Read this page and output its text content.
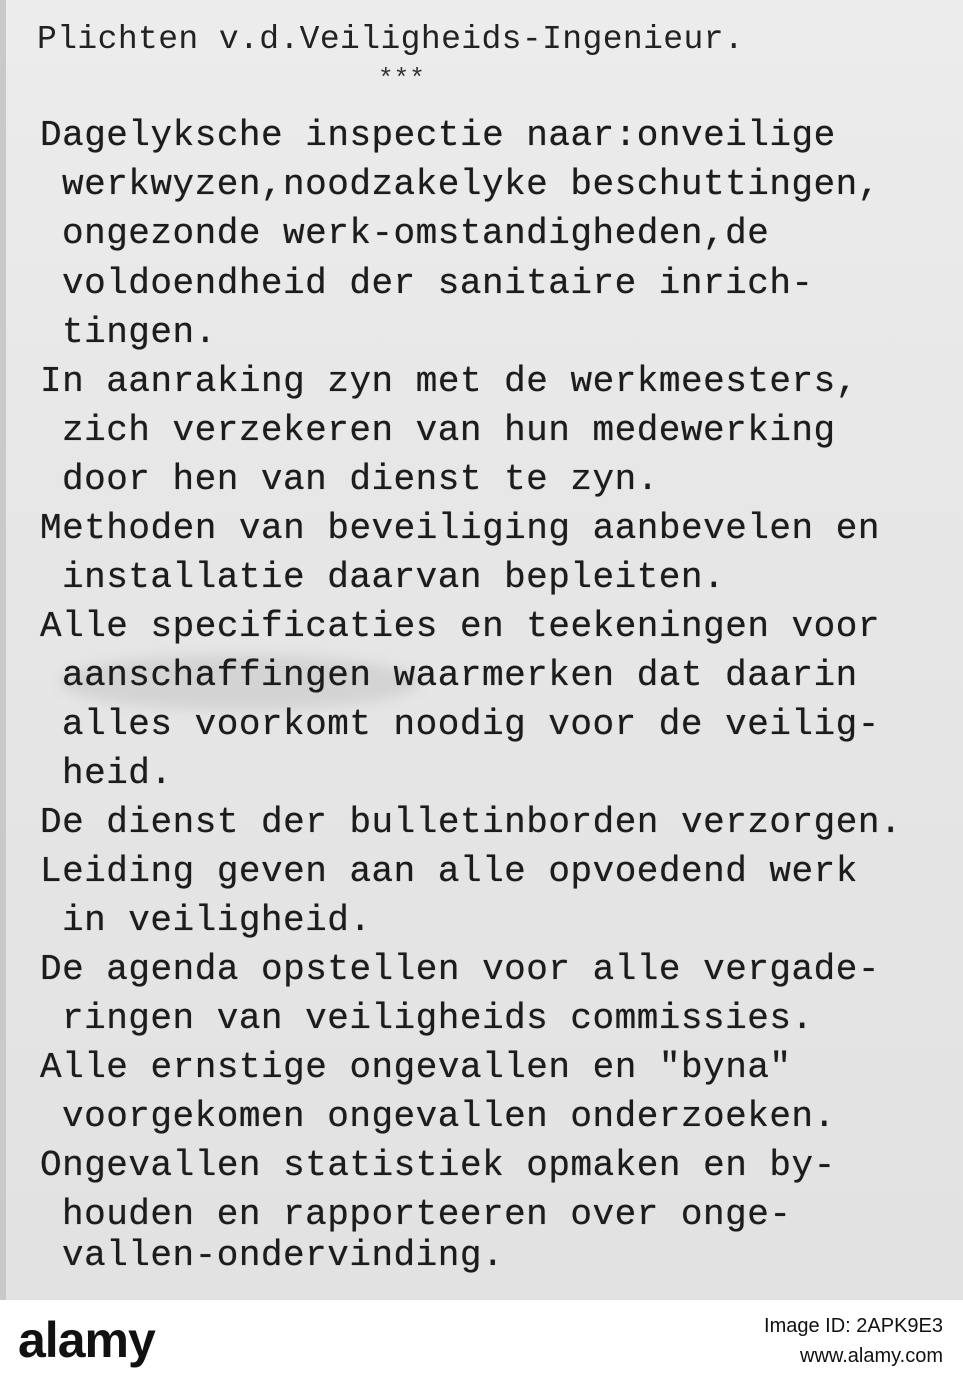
Plichten v.d.Veiligheids-Ingenieur.
***
Dagelyksche inspectie naar:onveilige
werkwyzen,noodzakelyke beschuttingen,
ongezonde werk-omstandigheden,de
voldoendheid der sanitaire inrich-
tingen.
In aanraking zyn met de werkmeesters,
zich verzekeren van hun medewerking
door hen van dienst te zyn.
Methoden van beveiliging aanbevelen en
installatie daarvan bepleiten.
Alle specificaties en teekeningen voor
aanschaffingen waarmerken dat daarin
alles voorkomt noodig voor de veilig-
heid.
De dienst der bulletinborden verzorgen.
Leiding geven aan alle opvoedend werk
in veiligheid.
De agenda opstellen voor alle vergade-
ringen van veiligheids commissies.
Alle ernstige ongevallen en "byna"
voorgekomen ongevallen onderzoeken.
Ongevallen statistiek opmaken en by-
houden en rapporteeren over onge-
vallen-ondervinding.
alamy	Image ID: 2APK9E3
www.alamy.com
